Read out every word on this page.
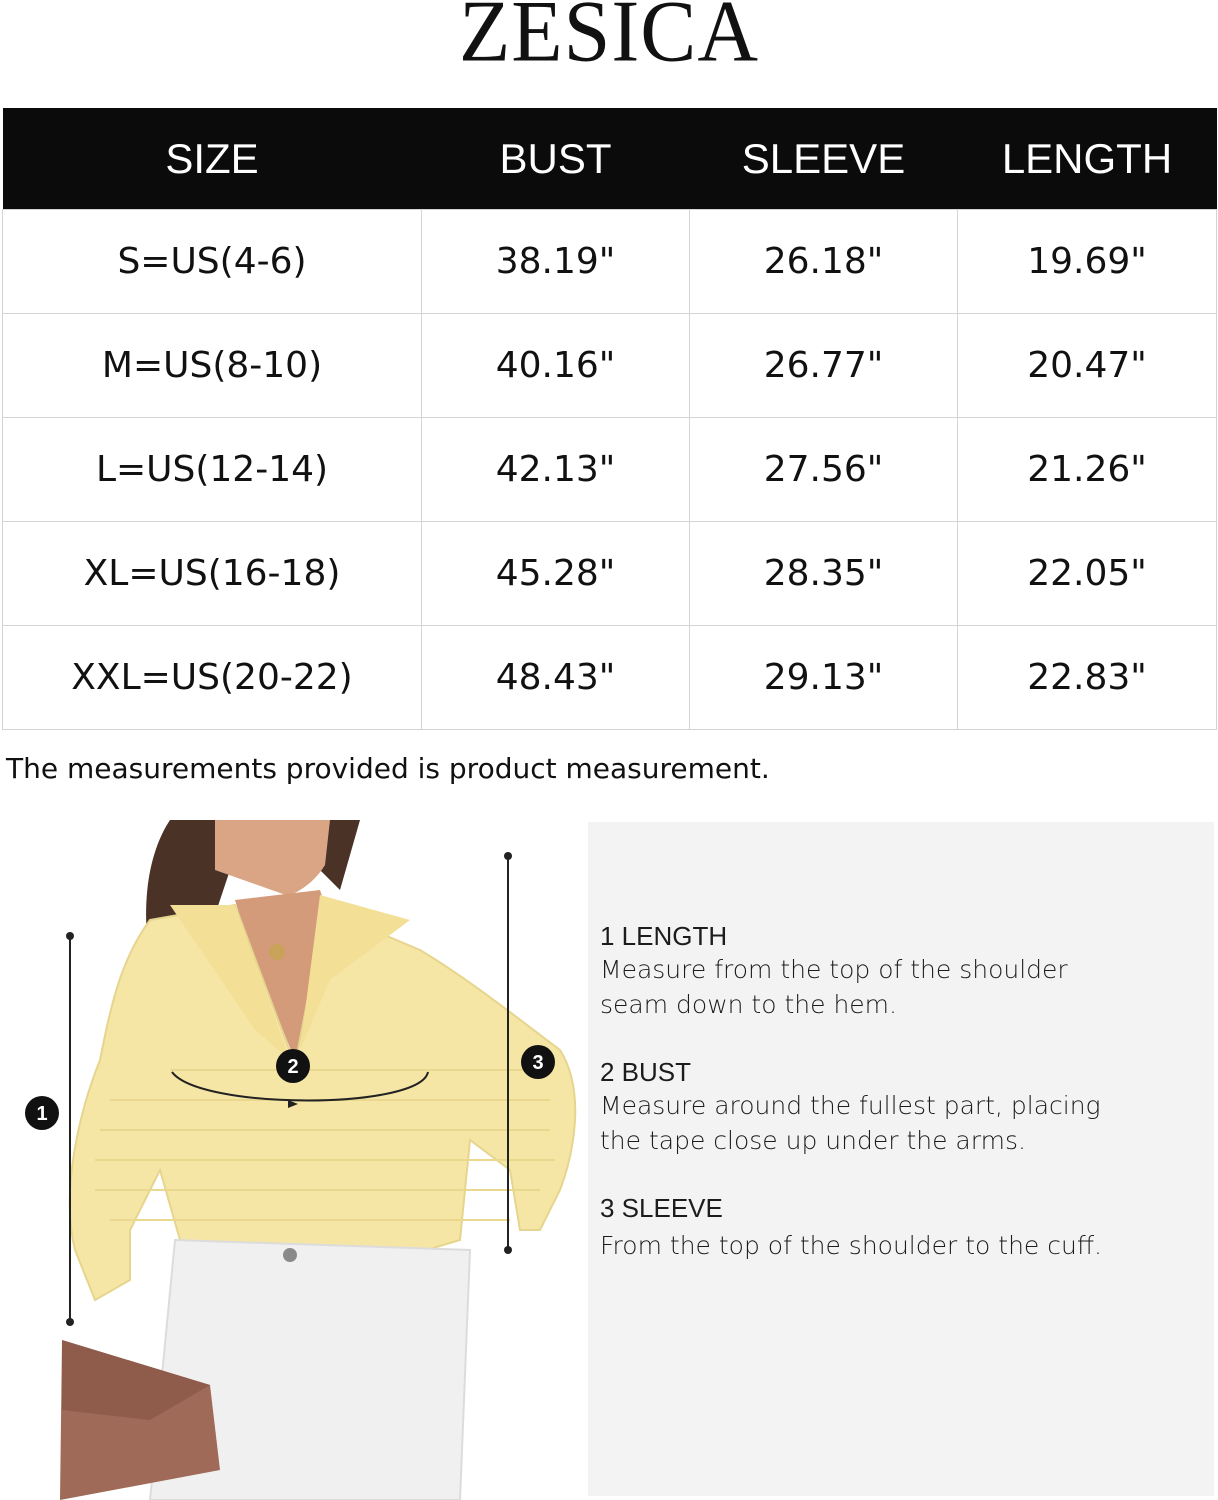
ZESICA
SIZE	BUST	SLEEVE	LENGTH
S=US(4-6)	38.19"	26.18"	19.69"
M=US(8-10)	40.16"	26.77"	20.47"
L=US(12-14)	42.13"	27.56"	21.26"
XL=US(16-18)	45.28"	28.35"	22.05"
XXL=US(20-22)	48.43"	29.13"	22.83"
The measurements provided is product measurement.
1
2	3
1 LENGTH
Measure from the top of the shoulder
seam down to the hem.
2 BUST
Measure around the fullest part, placing
the tape close up under the arms.
3 SLEEVE
From the top of the shoulder to the cuff.
